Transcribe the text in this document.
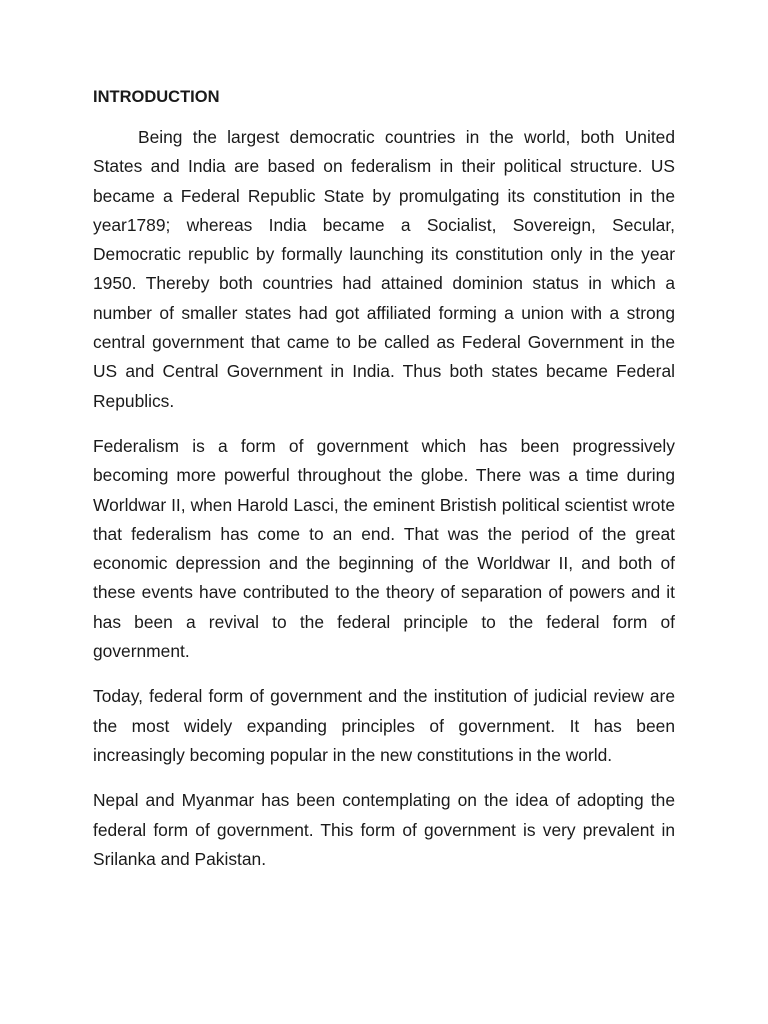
INTRODUCTION

Being the largest democratic countries in the world, both United States and India are based on federalism in their political structure. US became a Federal Republic State by promulgating its constitution in the year1789; whereas India became a Socialist, Sovereign, Secular, Democratic republic by formally launching its constitution only in the year 1950. Thereby both countries had attained dominion status in which a number of smaller states had got affiliated forming a union with a strong central government that came to be called as Federal Government in the US and Central Government in India. Thus both states became Federal Republics.

Federalism is a form of government which has been progressively becoming more powerful throughout the globe. There was a time during Worldwar II, when Harold Lasci, the eminent Bristish political scientist wrote that federalism has come to an end. That was the period of the great economic depression and the beginning of the Worldwar II, and both of these events have contributed to the theory of separation of powers and it has been a revival to the federal principle to the federal form of government.

Today, federal form of government and the institution of judicial review are the most widely expanding principles of government. It has been increasingly becoming popular in the new constitutions in the world.

Nepal and Myanmar has been contemplating on the idea of adopting the federal form of government. This form of government is very prevalent in Srilanka and Pakistan.
